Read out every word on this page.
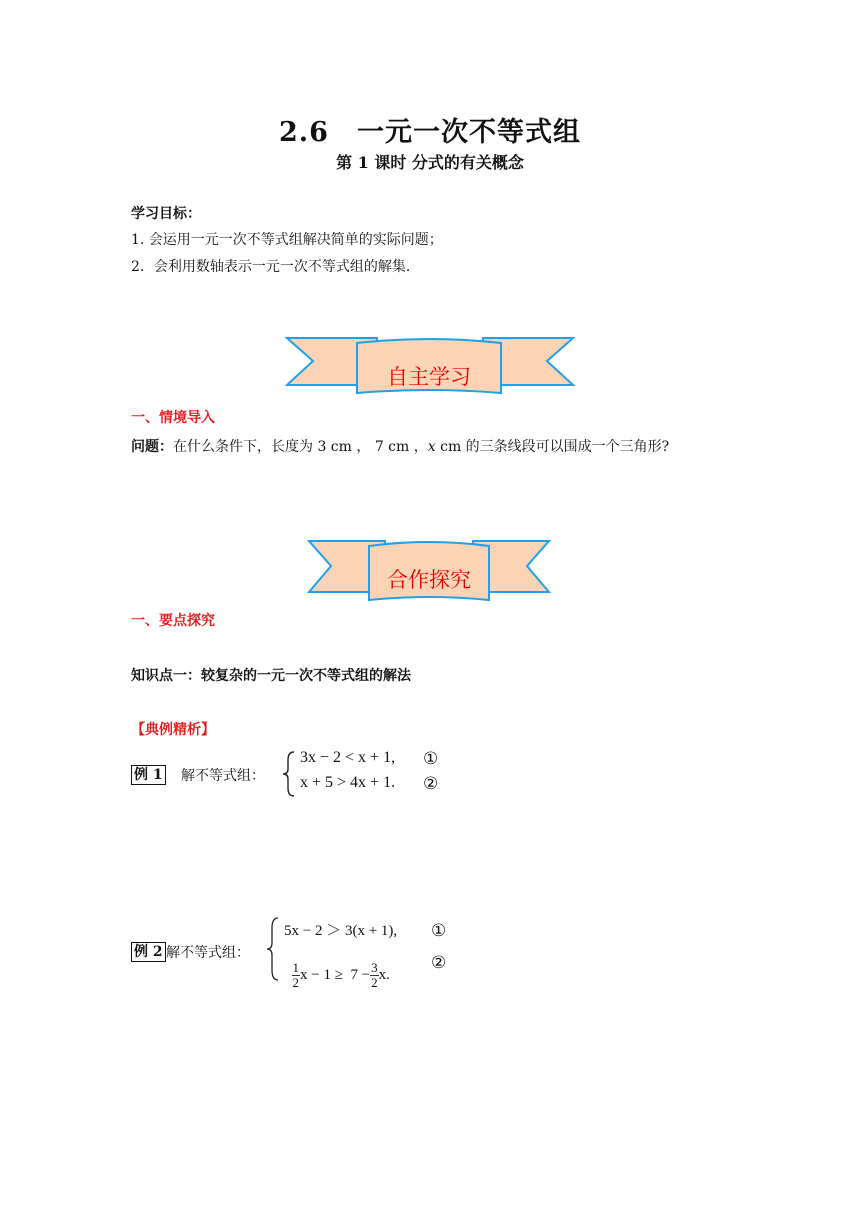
2.6　一元一次不等式组
第 1 课时 分式的有关概念
学习目标：
1. 会运用一元一次不等式组解决简单的实际问题；
2．会利用数轴表示一元一次不等式组的解集．
自主学习
一、情境导入
问题：在什么条件下，长度为 3 cm ， 7 cm ，x cm 的三条线段可以围成一个三角形?
合作探究
一、要点探究
知识点一：较复杂的一元一次不等式组的解法
【典例精析】
例 1 解不等式组：
3x − 2 < x + 1,
x + 5 > 4x + 1.
①
②
例 2 解不等式组：
5x − 2 ＞ 3(x + 1),

$\frac{1}{2}$ $x - 1 \ge 7 - \frac{3}{2} x$.

①
②
